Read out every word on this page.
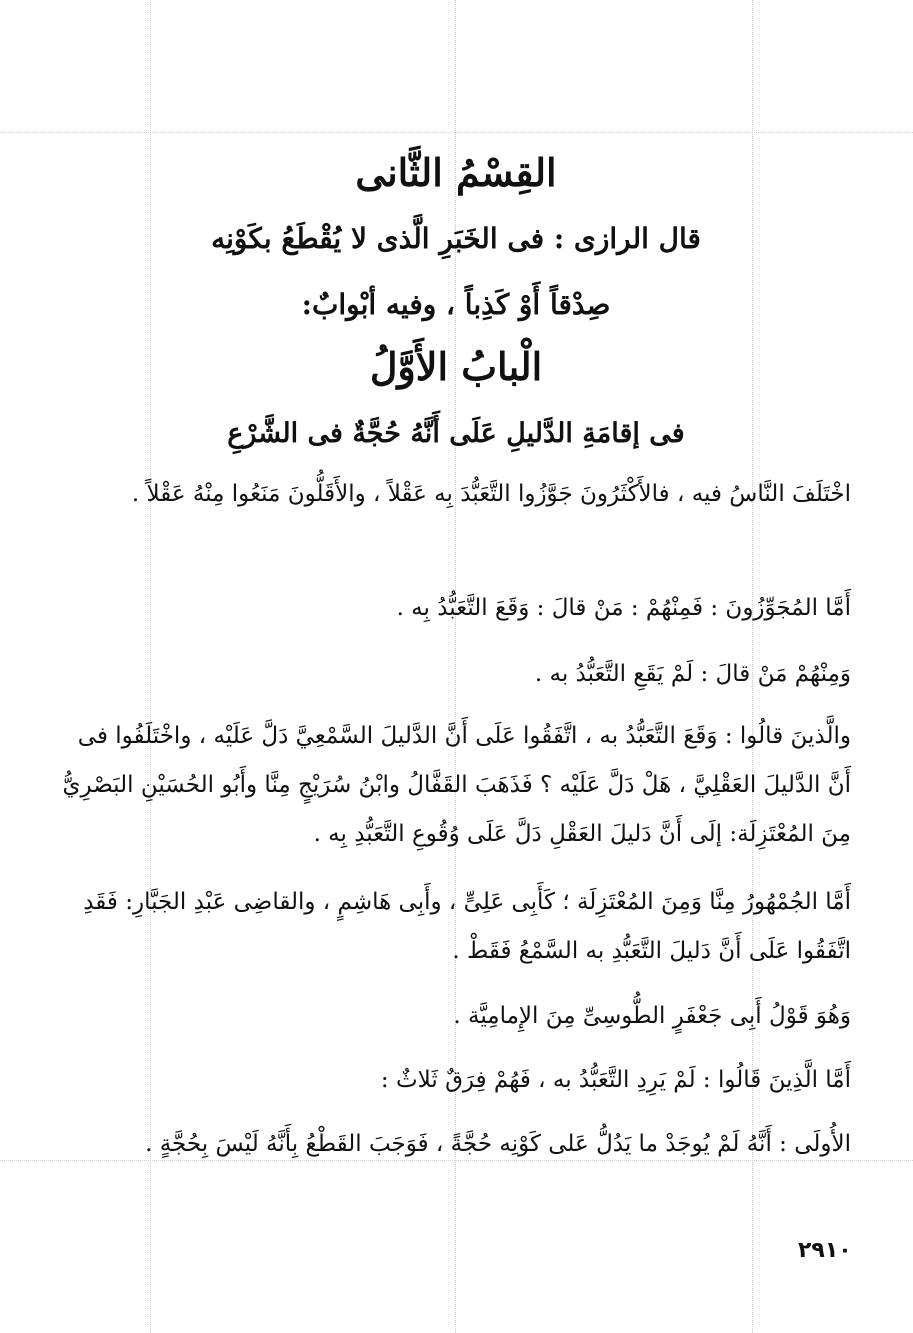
القِسْمُ الثَّانى
قال الرازى : فى الخَبَرِ الَّذى لا يُقْطَعُ بكَوْنِه
صِدْقاً أَوْ كَذِباً ، وفيه أبْوابٌ:
الْبابُ الأَوَّلُ
فى إقامَةِ الدَّليلِ عَلَى أَنَّهُ حُجَّةٌ فى الشَّرْعِ
اخْتَلَفَ النَّاسُ فيه ، فالأَكْثَرُونَ جَوَّزُوا التَّعَبُّدَ بِه عَقْلاً ، والأَقَلُّونَ مَنَعُوا مِنْهُ عَقْلاً .
أَمَّا المُجَوِّزُونَ : فَمِنْهُمْ : مَنْ قالَ : وَقَعَ التَّعَبُّدُ بِه .
وَمِنْهُمْ مَنْ قالَ : لَمْ يَقَعِ التَّعَبُّدُ به .
والَّذينَ قالُوا : وَقَعَ التَّعَبُّدُ به ، اتَّفَقُوا عَلَى أَنَّ الدَّليلَ السَّمْعِيَّ دَلَّ عَلَيْه ، واخْتَلَفُوا فى أَنَّ الدَّليلَ العَقْلِيَّ ، هَلْ دَلَّ عَلَيْه ؟ فَذَهَبَ القَفَّالُ وابْنُ سُرَيْجٍ مِنَّا وأَبُو الحُسَيْنِ البَصْرِيُّ مِنَ المُعْتَزِلَة: إلَى أَنَّ دَليلَ العَقْلِ دَلَّ عَلَى وُقُوعِ التَّعَبُّدِ بِه .
أَمَّا الجُمْهُورُ مِنَّا وَمِنَ المُعْتَزِلَة ؛ كَأَبِى عَلِىٍّ ، وأَبِى هَاشِمٍ ، والقاضِى عَبْدِ الجَبَّارِ: فَقَدِ اتَّفَقُوا عَلَى أَنَّ دَليلَ التَّعَبُّدِ به السَّمْعُ فَقَطْ .
وَهُوَ قَوْلُ أَبِى جَعْفَرٍ الطُّوسِىِّ مِنَ الإِمامِيَّة .
أَمَّا الَّذِينَ قَالُوا : لَمْ يَرِدِ التَّعَبُّدُ به ، فَهُمْ فِرَقٌ ثَلاثٌ :
الأُولَى : أَنَّهُ لَمْ يُوجَدْ ما يَدُلُّ عَلى كَوْنِه حُجَّةً ، فَوَجَبَ القَطْعُ بِأَنَّهُ لَيْسَ بِحُجَّةٍ .
٢٩١٠
